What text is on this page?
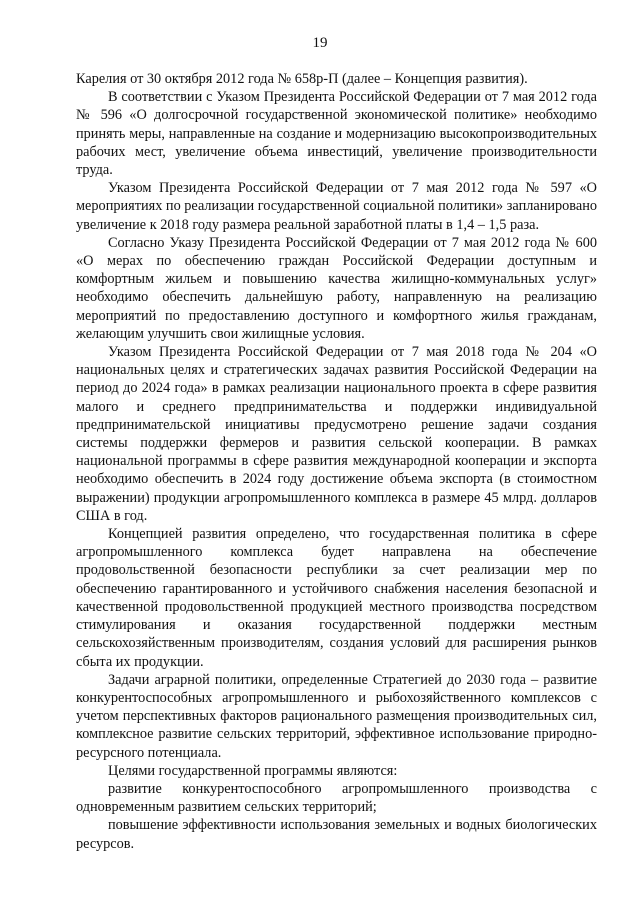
19

Карелия от 30 октября 2012 года № 658р-П (далее – Концепция развития).

В соответствии с Указом Президента Российской Федерации от 7 мая 2012 года № 596 «О долгосрочной государственной экономической политике» необходимо принять меры, направленные на создание и модернизацию высокопроизводительных рабочих мест, увеличение объема инвестиций, увеличение производительности труда.

Указом Президента Российской Федерации от 7 мая 2012 года № 597 «О мероприятиях по реализации государственной социальной политики» запланировано увеличение к 2018 году размера реальной заработной платы в 1,4 – 1,5 раза.

Согласно Указу Президента Российской Федерации от 7 мая 2012 года № 600 «О мерах по обеспечению граждан Российской Федерации доступным и комфортным жильем и повышению качества жилищно-коммунальных услуг» необходимо обеспечить дальнейшую работу, направленную на реализацию мероприятий по предоставлению доступного и комфортного жилья гражданам, желающим улучшить свои жилищные условия.

Указом Президента Российской Федерации от 7 мая 2018 года № 204 «О национальных целях и стратегических задачах развития Российской Федерации на период до 2024 года» в рамках реализации национального проекта в сфере развития малого и среднего предпринимательства и поддержки индивидуальной предпринимательской инициативы предусмотрено решение задачи создания системы поддержки фермеров и развития сельской кооперации. В рамках национальной программы в сфере развития международной кооперации и экспорта необходимо обеспечить в 2024 году достижение объема экспорта (в стоимостном выражении) продукции агропромышленного комплекса в размере 45 млрд. долларов США в год.

Концепцией развития определено, что государственная политика в сфере агропромышленного комплекса будет направлена на обеспечение продовольственной безопасности республики за счет реализации мер по обеспечению гарантированного и устойчивого снабжения населения безопасной и качественной продовольственной продукцией местного производства посредством стимулирования и оказания государственной поддержки местным сельскохозяйственным производителям, создания условий для расширения рынков сбыта их продукции.

Задачи аграрной политики, определенные Стратегией до 2030 года – развитие конкурентоспособных агропромышленного и рыбохозяйственного комплексов с учетом перспективных факторов рационального размещения производительных сил, комплексное развитие сельских территорий, эффективное использование природно-ресурсного потенциала.

Целями государственной программы являются:

развитие конкурентоспособного агропромышленного производства с одновременным развитием сельских территорий;

повышение эффективности использования земельных и водных биологических ресурсов.
